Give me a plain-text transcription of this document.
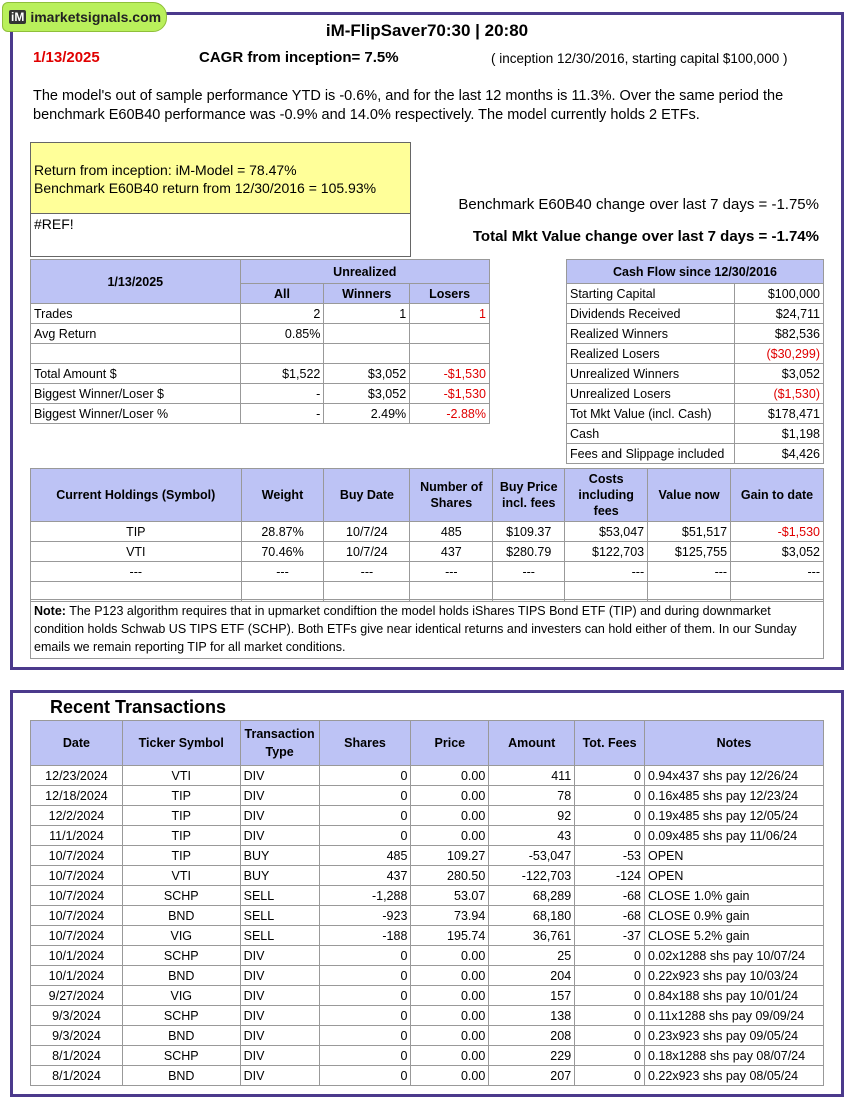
iM imarketsignals.com
iM-FlipSaver70:30 | 20:80
1/13/2025	CAGR from inception= 7.5%	( inception 12/30/2016, starting capital $100,000 )
The model's out of sample performance YTD is -0.6%, and for the last 12 months is 11.3%. Over the same period the benchmark E60B40 performance was -0.9% and 14.0% respectively. The model currently holds 2 ETFs.
Return from inception: iM-Model = 78.47%
Benchmark E60B40 return from 12/30/2016 = 105.93%
#REF!
Benchmark E60B40 change over last 7 days = -1.75%
Total Mkt Value change over last 7 days = -1.74%
1/13/2025	Unrealized		
	All	Winners	Losers
Trades	2	1	1
Avg Return	0.85%		

Total Amount $	$1,522	$3,052	-$1,530
Biggest Winner/Loser $	-	$3,052	-$1,530
Biggest Winner/Loser %	-	2.49%	-2.88%
Cash Flow since 12/30/2016	
Starting Capital	$100,000
Dividends Received	$24,711
Realized Winners	$82,536
Realized Losers	($30,299)
Unrealized Winners	$3,052
Unrealized Losers	($1,530)
Tot Mkt Value (incl. Cash)	$178,471
Cash	$1,198
Fees and Slippage included	$4,426
Current Holdings (Symbol)	Weight	Buy Date	Number of Shares	Buy Price incl. fees	Costs including fees	Value now	Gain to date
TIP	28.87%	10/7/24	485	$109.37	$53,047	$51,517	-$1,530
VTI	70.46%	10/7/24	437	$280.79	$122,703	$125,755	$3,052
---	---	---	---	---	---	---	---

Note: The P123 algorithm requires that in upmarket condiftion the model holds iShares TIPS Bond ETF (TIP) and during downmarket condition holds Schwab US TIPS ETF (SCHP). Both ETFs give near identical returns and investers can hold either of them. In our Sunday emails we remain reporting TIP for all market conditions.
Recent Transactions
Date	Ticker Symbol	Transaction Type	Shares	Price	Amount	Tot. Fees	Notes
12/23/2024	VTI	DIV	0	0.00	411	0	0.94x437 shs pay 12/26/24
12/18/2024	TIP	DIV	0	0.00	78	0	0.16x485 shs pay 12/23/24
12/2/2024	TIP	DIV	0	0.00	92	0	0.19x485 shs pay 12/05/24
11/1/2024	TIP	DIV	0	0.00	43	0	0.09x485 shs pay 11/06/24
10/7/2024	TIP	BUY	485	109.27	-53,047	-53	OPEN
10/7/2024	VTI	BUY	437	280.50	-122,703	-124	OPEN
10/7/2024	SCHP	SELL	-1,288	53.07	68,289	-68	CLOSE 1.0% gain
10/7/2024	BND	SELL	-923	73.94	68,180	-68	CLOSE 0.9% gain
10/7/2024	VIG	SELL	-188	195.74	36,761	-37	CLOSE 5.2% gain
10/1/2024	SCHP	DIV	0	0.00	25	0	0.02x1288 shs pay 10/07/24
10/1/2024	BND	DIV	0	0.00	204	0	0.22x923 shs pay 10/03/24
9/27/2024	VIG	DIV	0	0.00	157	0	0.84x188 shs pay 10/01/24
9/3/2024	SCHP	DIV	0	0.00	138	0	0.11x1288 shs pay 09/09/24
9/3/2024	BND	DIV	0	0.00	208	0	0.23x923 shs pay 09/05/24
8/1/2024	SCHP	DIV	0	0.00	229	0	0.18x1288 shs pay 08/07/24
8/1/2024	BND	DIV	0	0.00	207	0	0.22x923 shs pay 08/05/24
